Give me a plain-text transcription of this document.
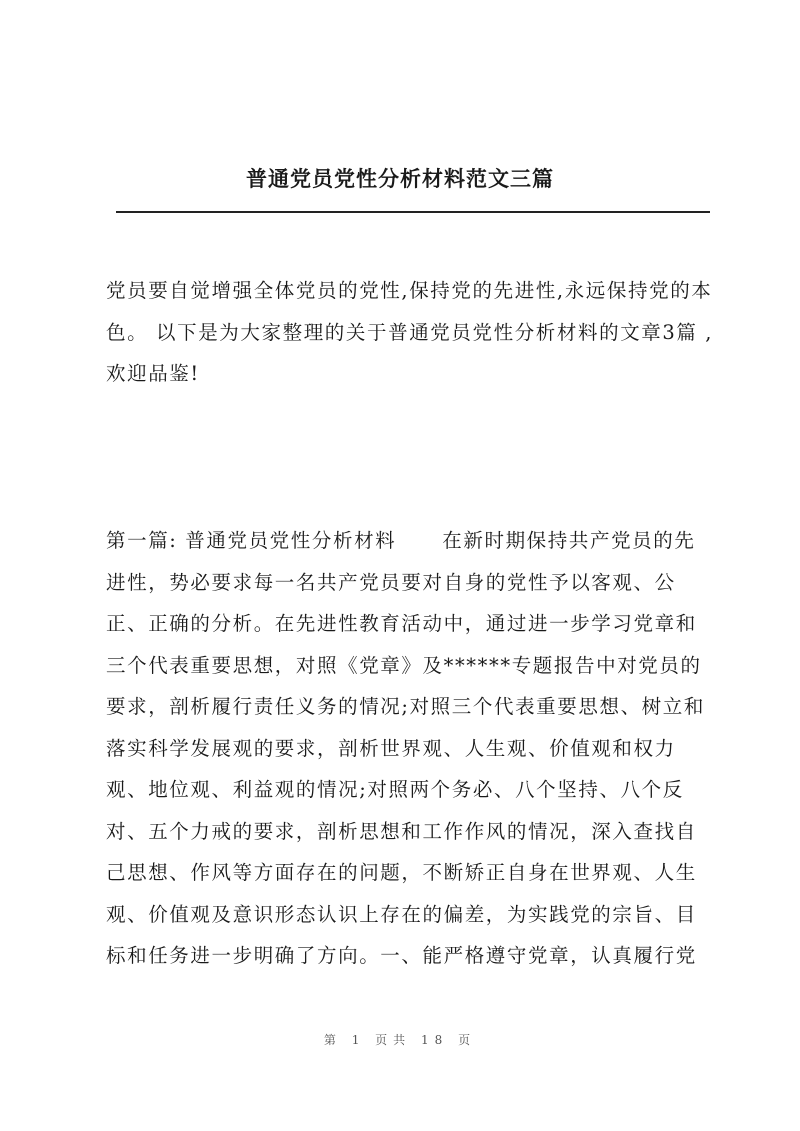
普通党员党性分析材料范文三篇

党员要自觉增强全体党员的党性,保持党的先进性,永远保持党的本色。 以下是为大家整理的关于普通党员党性分析材料的文章3篇 ,欢迎品鉴!

第一篇: 普通党员党性分析材料 在新时期保持共产党员的先进性，势必要求每一名共产党员要对自身的党性予以客观、公正、正确的分析。在先进性教育活动中，通过进一步学习党章和三个代表重要思想，对照《党章》及******专题报告中对党员的要求，剖析履行责任义务的情况;对照三个代表重要思想、树立和落实科学发展观的要求，剖析世界观、人生观、价值观和权力观、地位观、利益观的情况;对照两个务必、八个坚持、八个反对、五个力戒的要求，剖析思想和工作作风的情况，深入查找自己思想、作风等方面存在的问题，不断矫正自身在世界观、人生观、价值观及意识形态认识上存在的偏差，为实践党的宗旨、目标和任务进一步明确了方向。一、能严格遵守党章，认真履行党

第 1 页共 18 页
